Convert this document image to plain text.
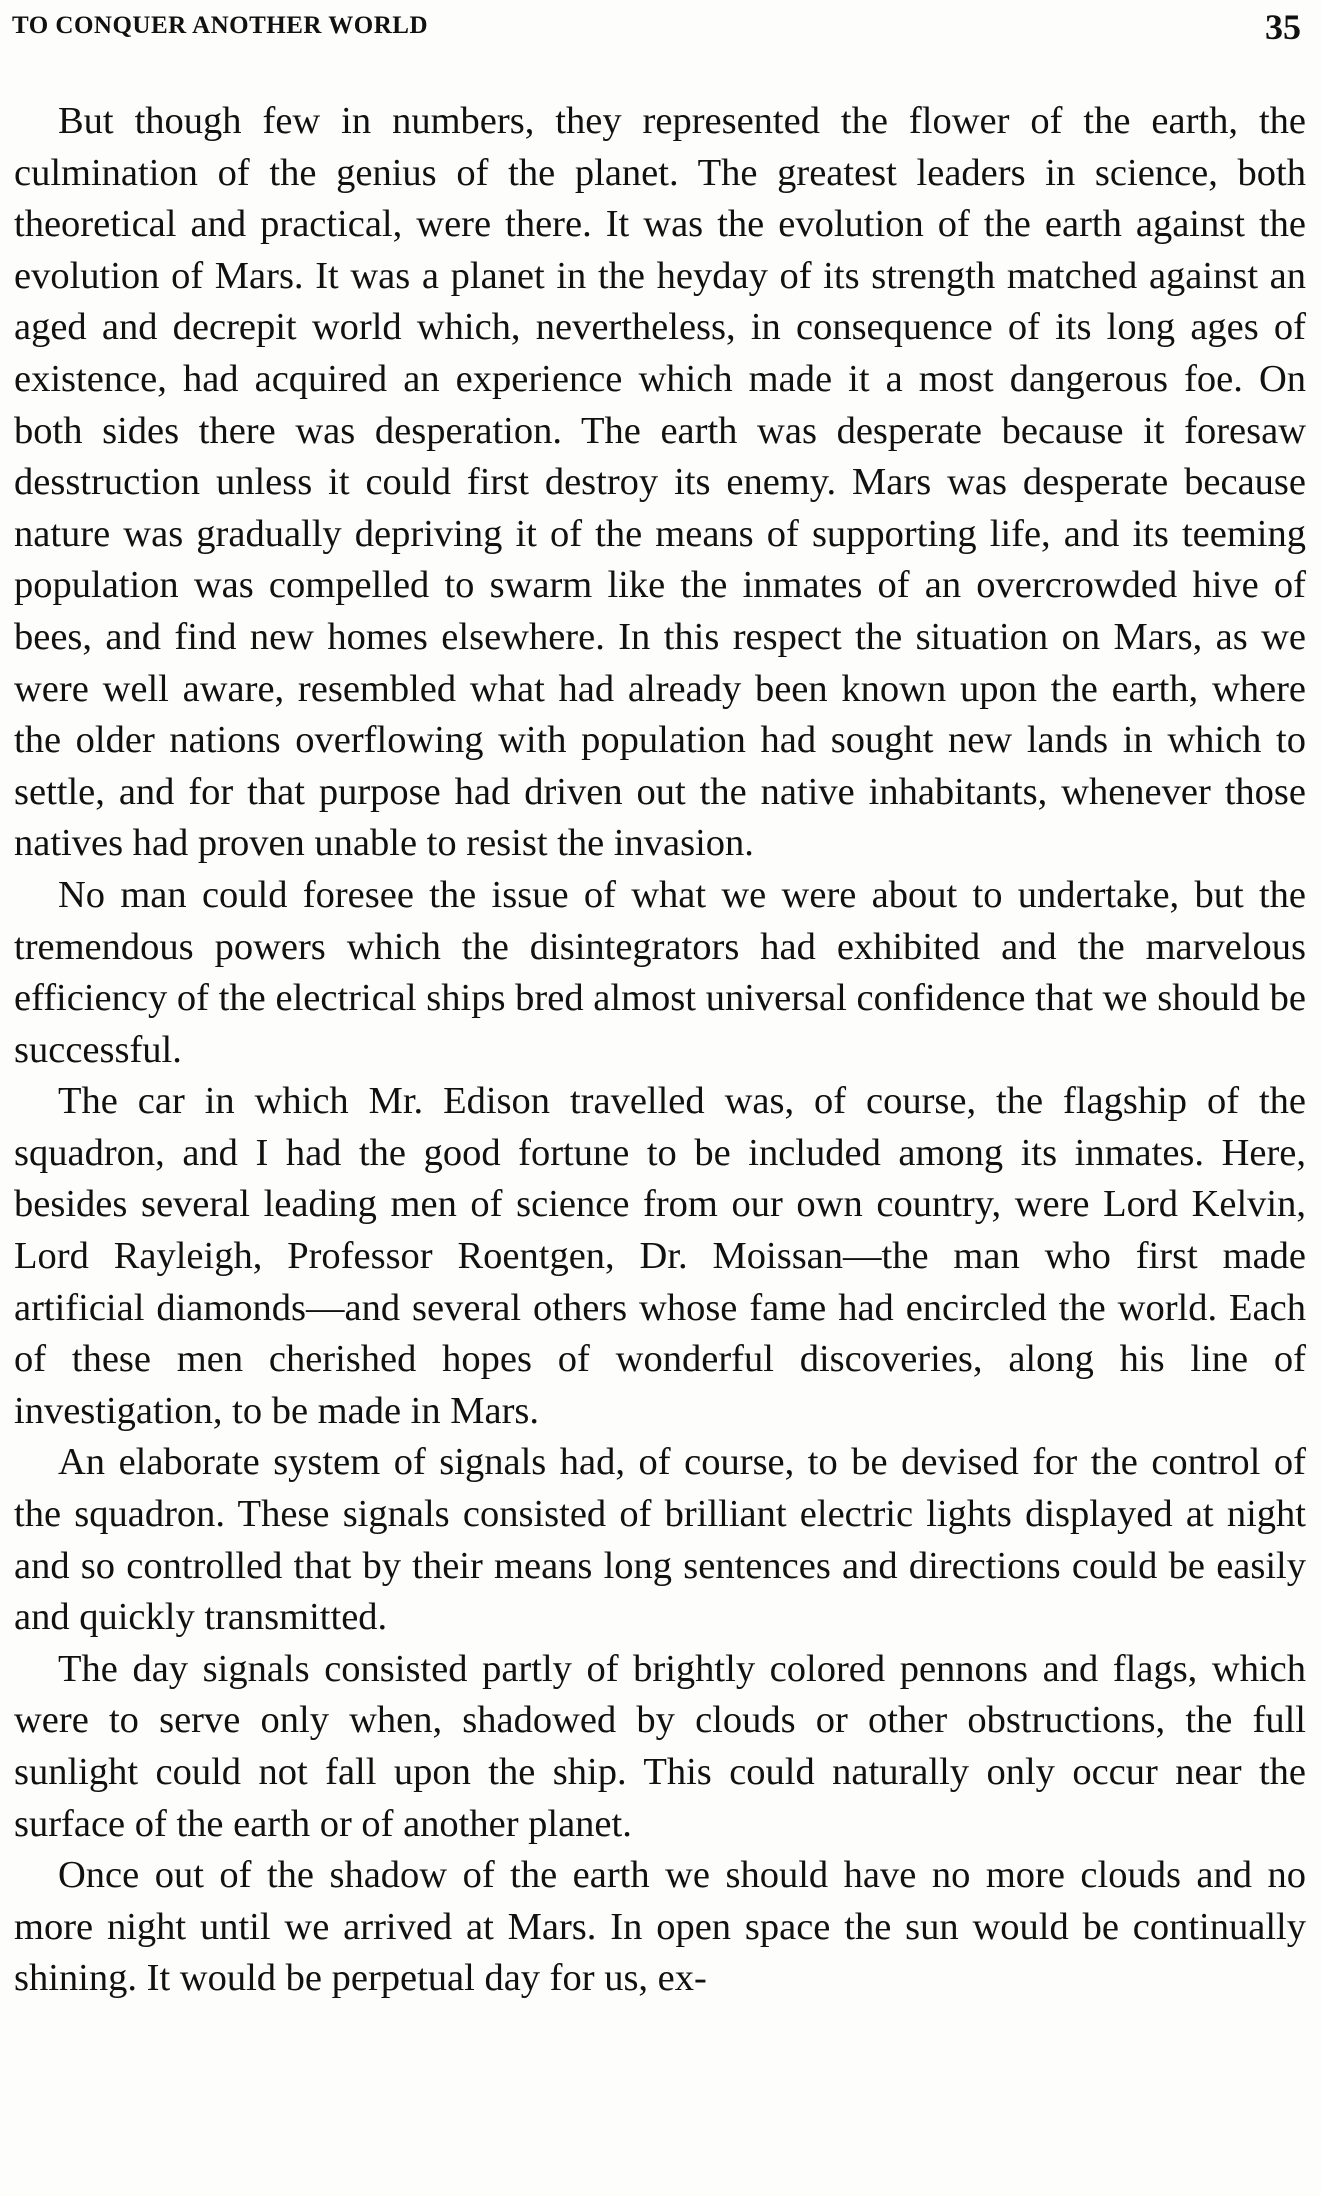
TO CONQUER ANOTHER WORLD	35

But though few in numbers, they represented the flower of the earth, the culmination of the genius of the planet. The greatest leaders in science, both theoretical and practical, were there. It was the evolution of the earth against the evolution of Mars. It was a planet in the heyday of its strength matched against an aged and decrepit world which, nevertheless, in consequence of its long ages of existence, had acquired an experience which made it a most dangerous foe. On both sides there was desperation. The earth was desperate because it foresaw desstruction unless it could first destroy its enemy. Mars was desperate because nature was gradually depriving it of the means of supporting life, and its teeming population was compelled to swarm like the inmates of an overcrowded hive of bees, and find new homes elsewhere. In this respect the situation on Mars, as we were well aware, resembled what had already been known upon the earth, where the older nations overflowing with population had sought new lands in which to settle, and for that purpose had driven out the native inhabitants, whenever those natives had proven unable to resist the invasion.

No man could foresee the issue of what we were about to undertake, but the tremendous powers which the disintegrators had exhibited and the marvelous efficiency of the electrical ships bred almost universal confidence that we should be successful.

The car in which Mr. Edison travelled was, of course, the flagship of the squadron, and I had the good fortune to be included among its inmates. Here, besides several leading men of science from our own country, were Lord Kelvin, Lord Rayleigh, Professor Roentgen, Dr. Moissan—the man who first made artificial diamonds—and several others whose fame had encircled the world. Each of these men cherished hopes of wonderful discoveries, along his line of investigation, to be made in Mars.

An elaborate system of signals had, of course, to be devised for the control of the squadron. These signals consisted of brilliant electric lights displayed at night and so controlled that by their means long sentences and directions could be easily and quickly transmitted.

The day signals consisted partly of brightly colored pennons and flags, which were to serve only when, shadowed by clouds or other obstructions, the full sunlight could not fall upon the ship. This could naturally only occur near the surface of the earth or of another planet.

Once out of the shadow of the earth we should have no more clouds and no more night until we arrived at Mars. In open space the sun would be continually shining. It would be perpetual day for us, ex-
